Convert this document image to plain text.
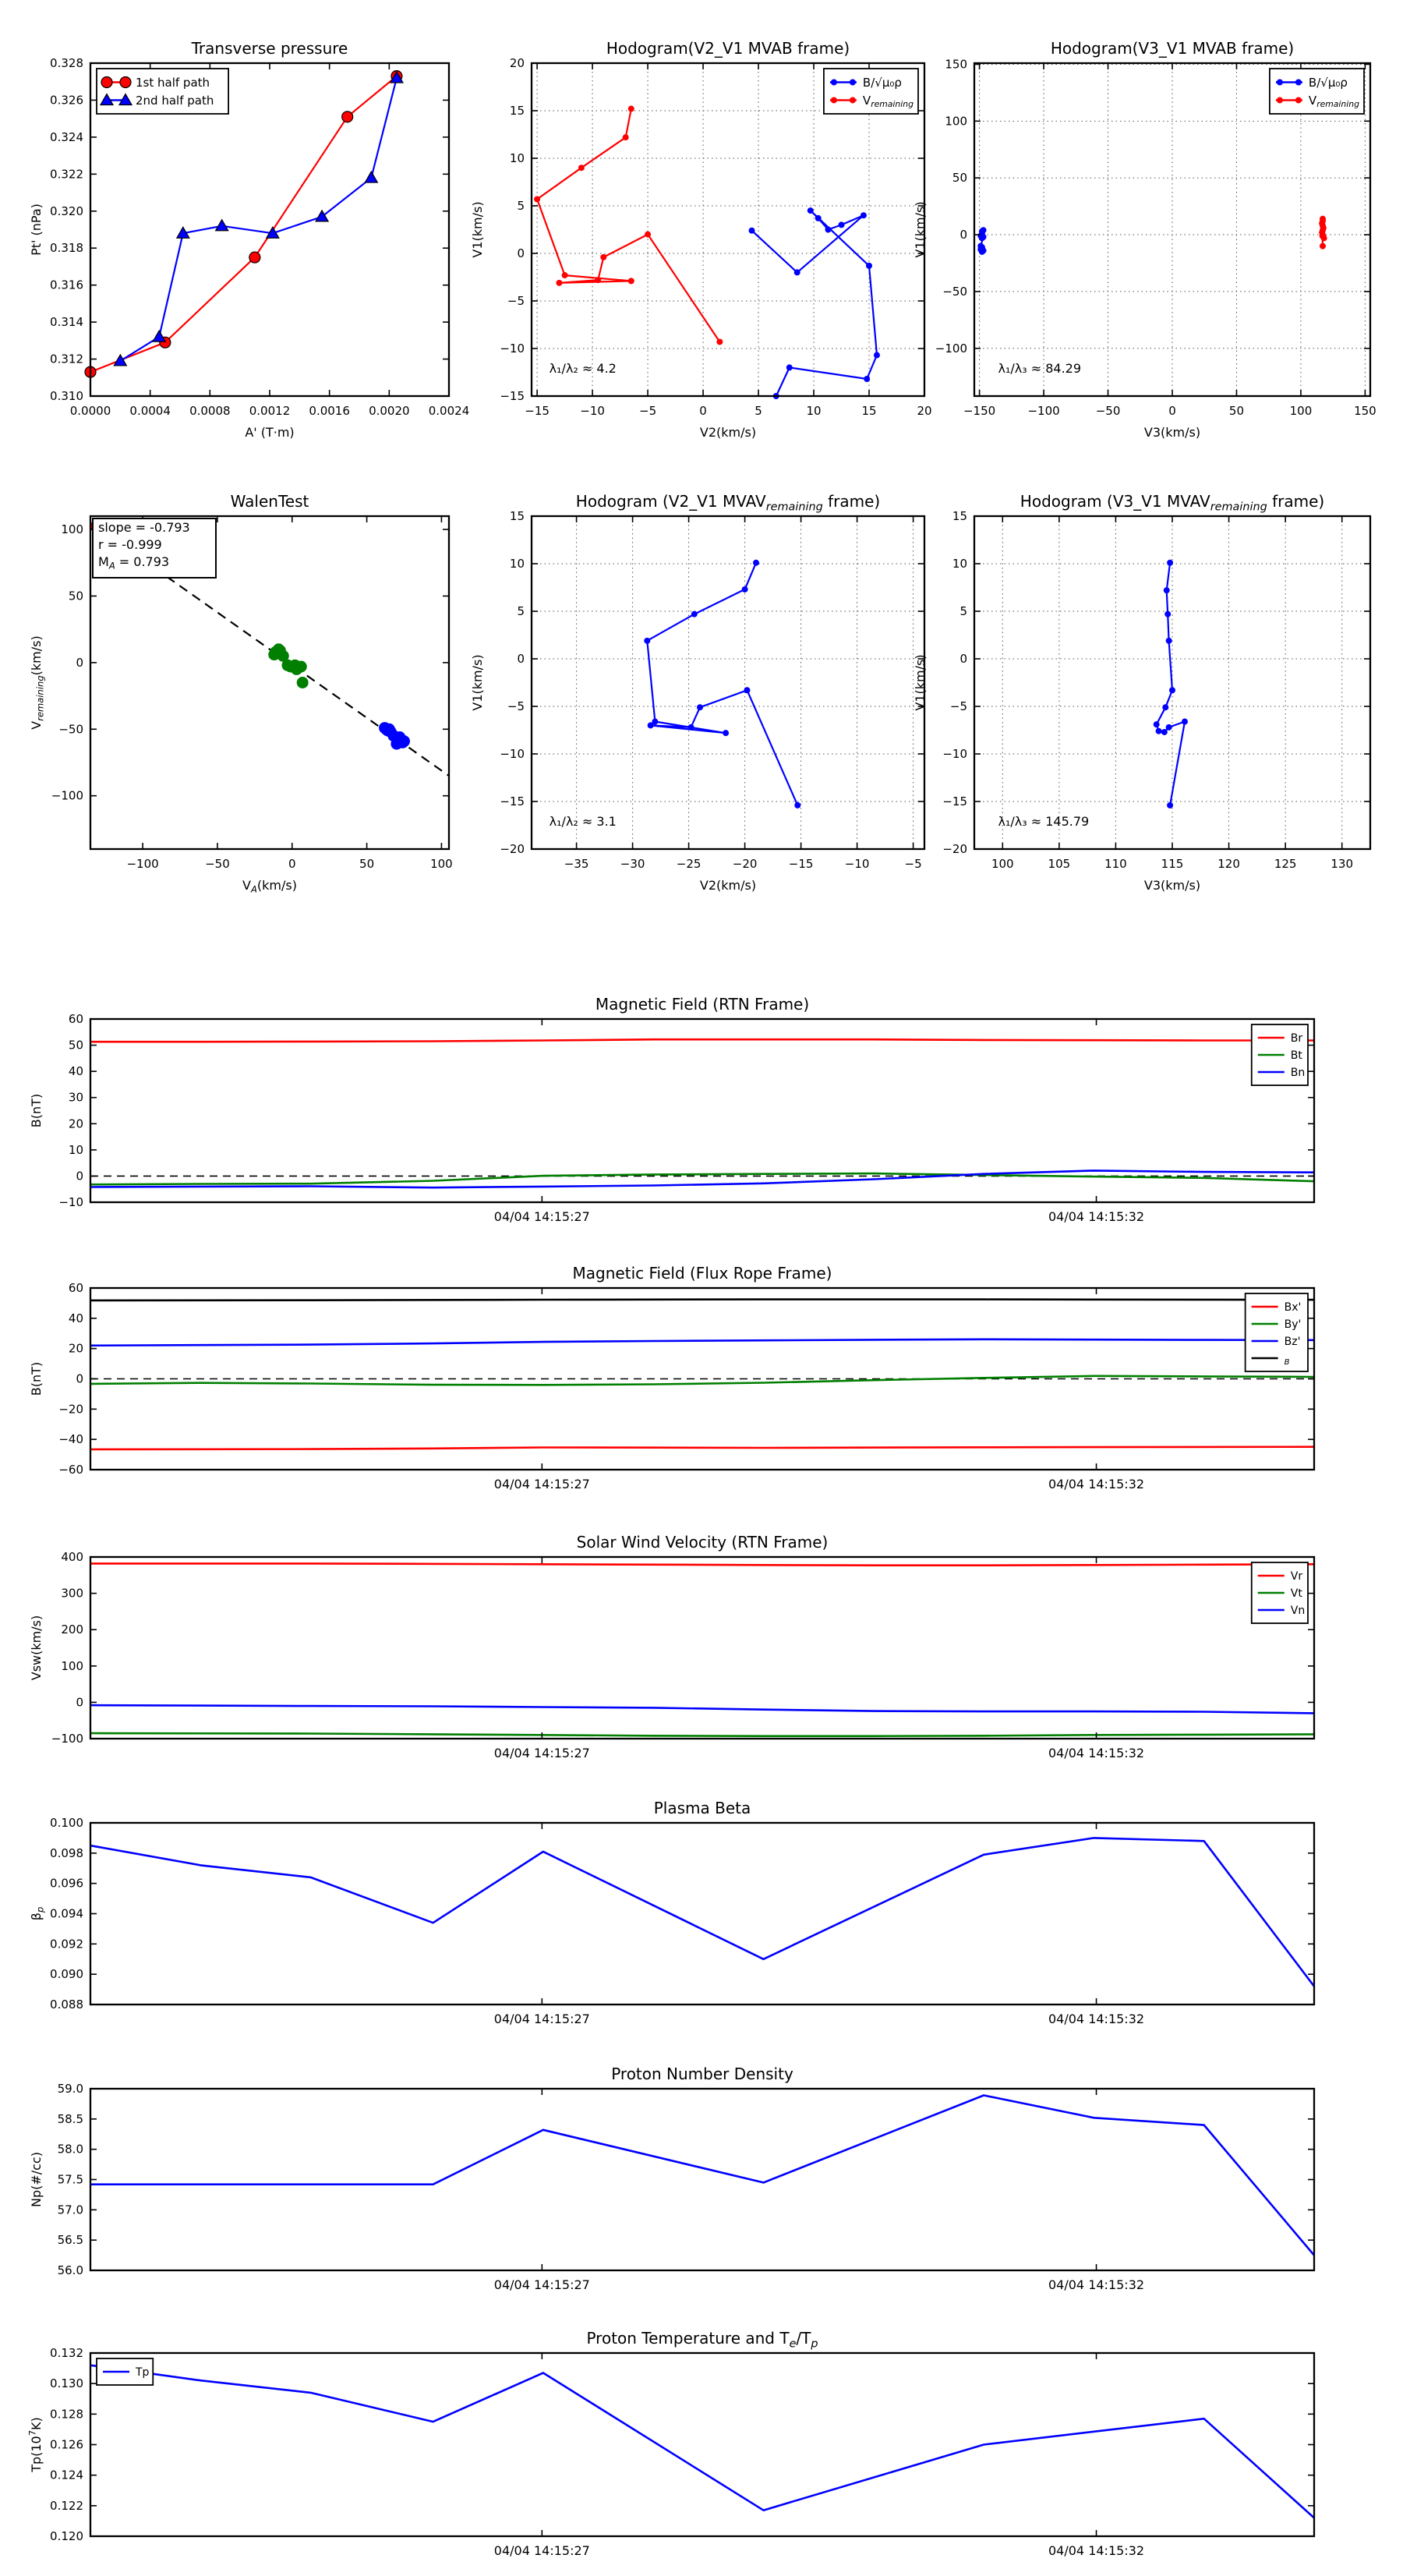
0.0000 0.0004 0.0008 0.0012 0.0016 0.0020 0.0024
0.310
0.312
0.314
0.316
0.318
0.320
0.322
0.324
0.326
0.328
Transverse pressure
A' (T·m)
Pt' (nPa)
1st half path
2nd half path
−15	−10	−5	0	5	10	15	20
−15
−10
−5
0
5
10
15
20
Hodogram(V2_V1 MVAB frame)
V2(km/s)
V1(km/s)
λ₁/λ₂ ≈ 4.2
B/√μ₀ρ
$V_{remaining}$
−150	−100	−50	0	50	100	150
−100
−50
0
50
100
150
Hodogram(V3_V1 MVAB frame)
V3(km/s)
V1(km/s)
λ₁/λ₃ ≈ 84.29
B/√μ₀ρ
$V_{remaining}$
−100	−50	0	50	100
−100
−50
0
50
100
WalenTest
$V_A(km/s)$
$V_{remaining}(km/s)$
slope = -0.793
r = -0.999
$M_A = 0.793$
−35	−30	−25	−20	−15	−10	−5
−20
−15
−10
−5
0
5
10
15
Hodogram (V2_V1 $MVAV_{remaining}$ frame)
V2(km/s)
V1(km/s)
λ₁/λ₂ ≈ 3.1
100	105	110	115	120	125	130
−20
−15
−10
−5
0
5
10
15
Hodogram (V3_V1 $MVAV_{remaining}$ frame)
V3(km/s)
V1(km/s)
λ₁/λ₃ ≈ 145.79
04/04 14:15:27	04/04 14:15:32
−10
0
10
20
30
40
50
60
Magnetic Field (RTN Frame)
B(nT)
Br
Bt
Bn
04/04 14:15:27	04/04 14:15:32
−60
−40
−20
0
20
40
60
Magnetic Field (Flux Rope Frame)
B(nT)
Bx'
By'
Bz'
$_B$
04/04 14:15:27	04/04 14:15:32
−100
0
100
200
300
400
Solar Wind Velocity (RTN Frame)
Vsw(km/s)
Vr
Vt
Vn
04/04 14:15:27	04/04 14:15:32
0.088
0.090
0.092
0.094
0.096
0.098
0.100
Plasma Beta
$\beta_p$
04/04 14:15:27	04/04 14:15:32
56.0
56.5
57.0
57.5
58.0
58.5
59.0
Proton Number Density
Np(#/cc)
04/04 14:15:27	04/04 14:15:32
0.120
0.122
0.124
0.126
0.128
0.130
0.132
Proton Temperature and $T_e/T_p$
$Tp(10^7K)$
Tp
